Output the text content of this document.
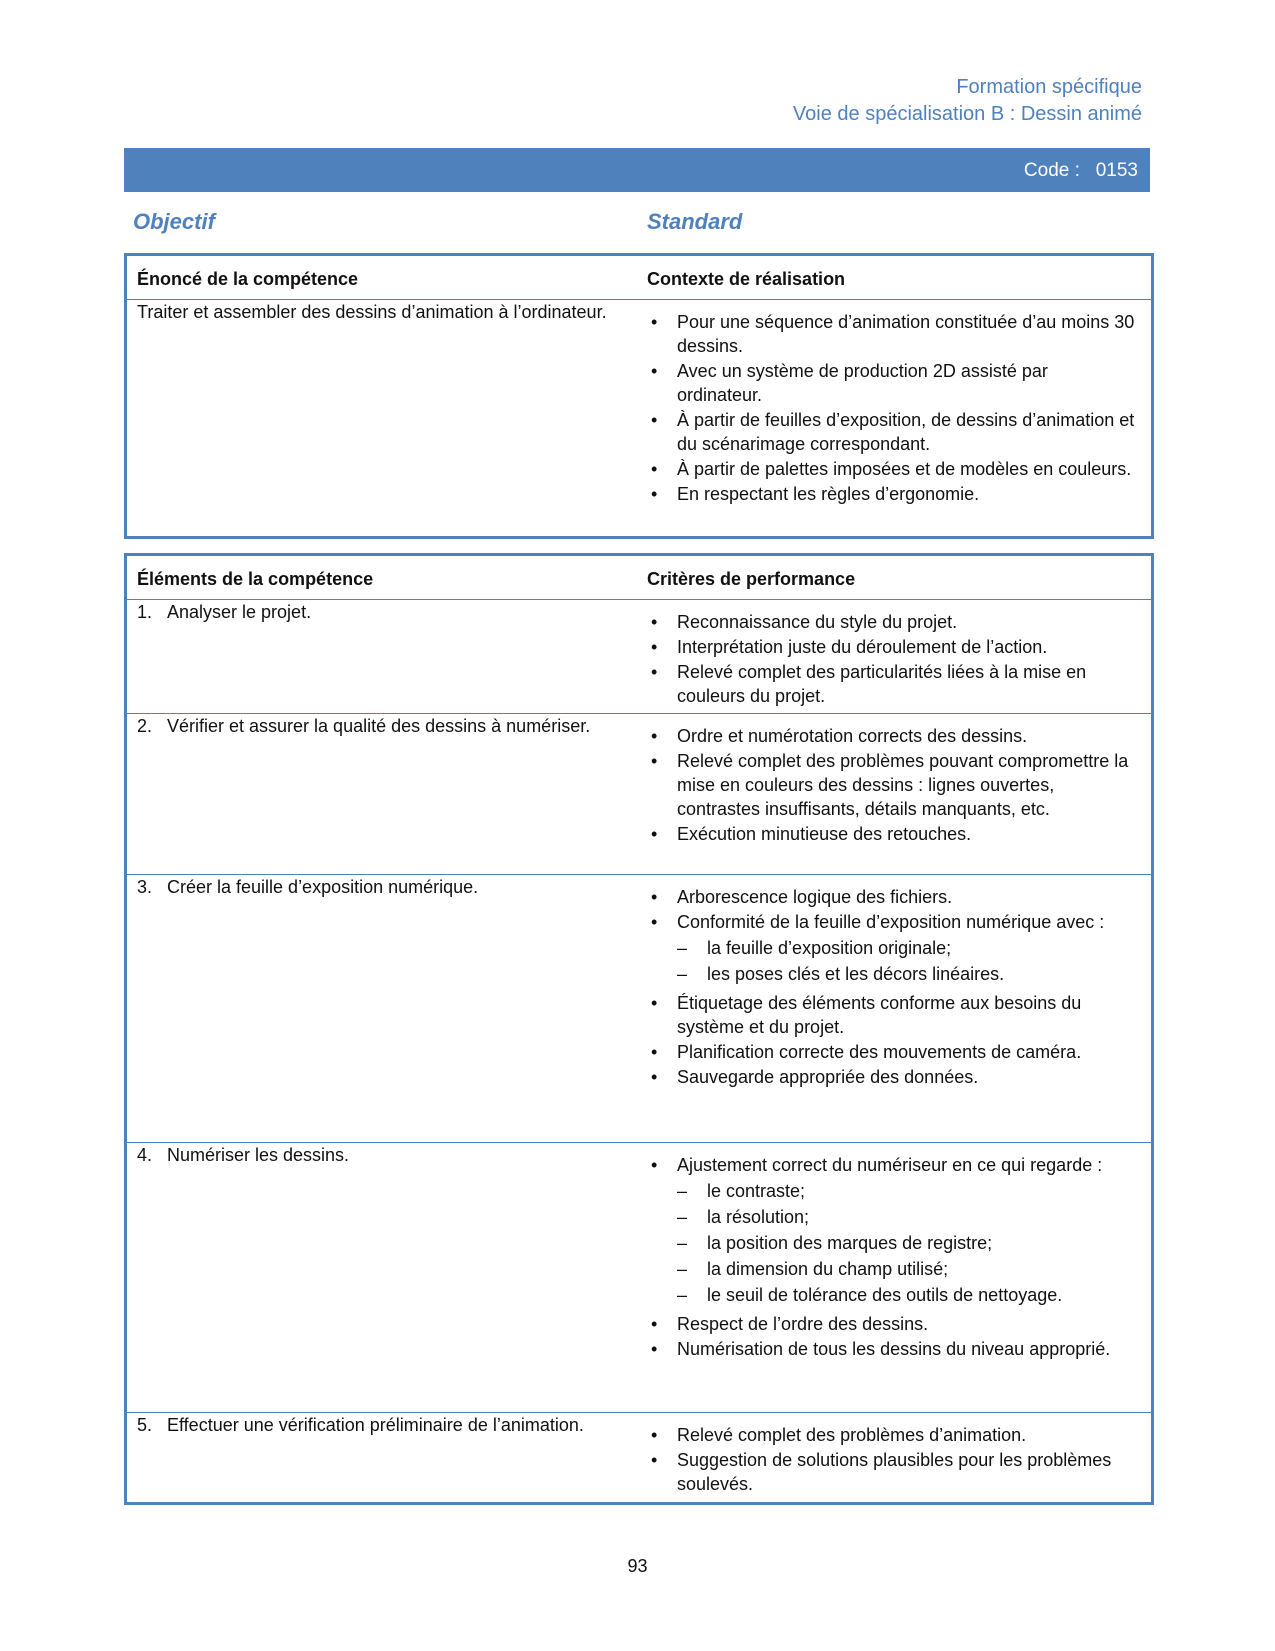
Formation spécifique
Voie de spécialisation B : Dessin animé
Code :   0153
Objectif	Standard
Énoncé de la compétence	Contexte de réalisation
Traiter et assembler des dessins d’animation à l’ordinateur.	• Pour une séquence d’animation constituée d’au moins 30 dessins.
• Avec un système de production 2D assisté par ordinateur.
• À partir de feuilles d’exposition, de dessins d’animation et du scénarimage correspondant.
• À partir de palettes imposées et de modèles en couleurs.
• En respectant les règles d’ergonomie.
Éléments de la compétence	Critères de performance
1. Analyser le projet.	• Reconnaissance du style du projet.
• Interprétation juste du déroulement de l’action.
• Relevé complet des particularités liées à la mise en couleurs du projet.
2. Vérifier et assurer la qualité des dessins à numériser.	• Ordre et numérotation corrects des dessins.
• Relevé complet des problèmes pouvant compromettre la mise en couleurs des dessins : lignes ouvertes, contrastes insuffisants, détails manquants, etc.
• Exécution minutieuse des retouches.
3. Créer la feuille d’exposition numérique.	• Arborescence logique des fichiers.
• Conformité de la feuille d’exposition numérique avec :
– la feuille d’exposition originale;
– les poses clés et les décors linéaires.
• Étiquetage des éléments conforme aux besoins du système et du projet.
• Planification correcte des mouvements de caméra.
• Sauvegarde appropriée des données.
4. Numériser les dessins.	• Ajustement correct du numériseur en ce qui regarde :
– le contraste;
– la résolution;
– la position des marques de registre;
– la dimension du champ utilisé;
– le seuil de tolérance des outils de nettoyage.
• Respect de l’ordre des dessins.
• Numérisation de tous les dessins du niveau approprié.
5. Effectuer une vérification préliminaire de l’animation.	• Relevé complet des problèmes d’animation.
• Suggestion de solutions plausibles pour les problèmes soulevés.
93
